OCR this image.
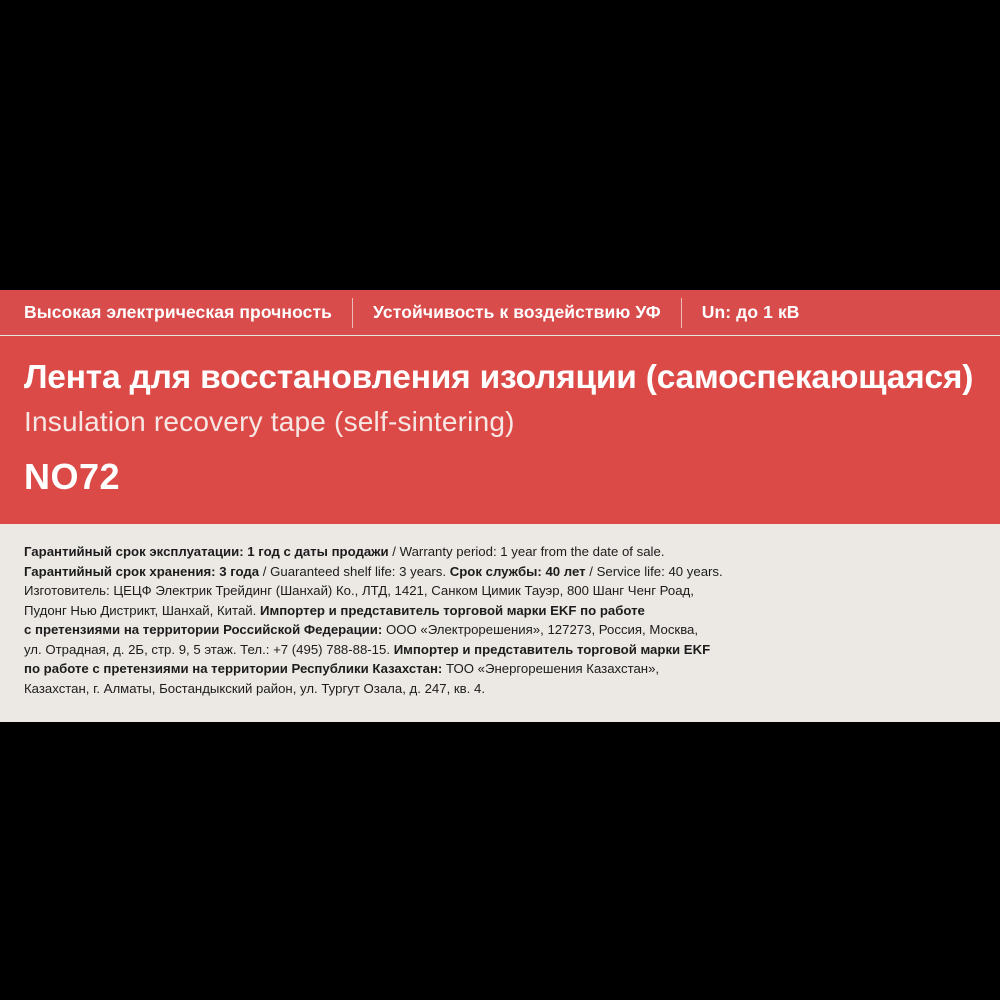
Высокая электрическая прочность Устойчивость к воздействию УФ Un: до 1 кВ
Лента для восстановления изоляции (самоспекающаяся)
Insulation recovery tape (self-sintering)
NO72

Гарантийный срок эксплуатации: 1 год с даты продажи / Warranty period: 1 year from the date of sale.

Гарантийный срок хранения: 3 года / Guaranteed shelf life: 3 years. Срок службы: 40 лет / Service life: 40 years.

Изготовитель: ЦЕЦФ Электрик Трейдинг (Шанхай) Ко., ЛТД, 1421, Санком Цимик Тауэр, 800 Шанг Ченг Роад,

Пудонг Нью Дистрикт, Шанхай, Китай. Импортер и представитель торговой марки EKF по работе

с претензиями на территории Российской Федерации: ООО «Электрорешения», 127273, Россия, Москва,

ул. Отрадная, д. 2Б, стр. 9, 5 этаж. Тел.: +7 (495) 788-88-15. Импортер и представитель торговой марки EKF

по работе с претензиями на территории Республики Казахстан: ТОО «Энергорешения Казахстан»,

Казахстан, г. Алматы, Бостандыкский район, ул. Тургут Озала, д. 247, кв. 4.
